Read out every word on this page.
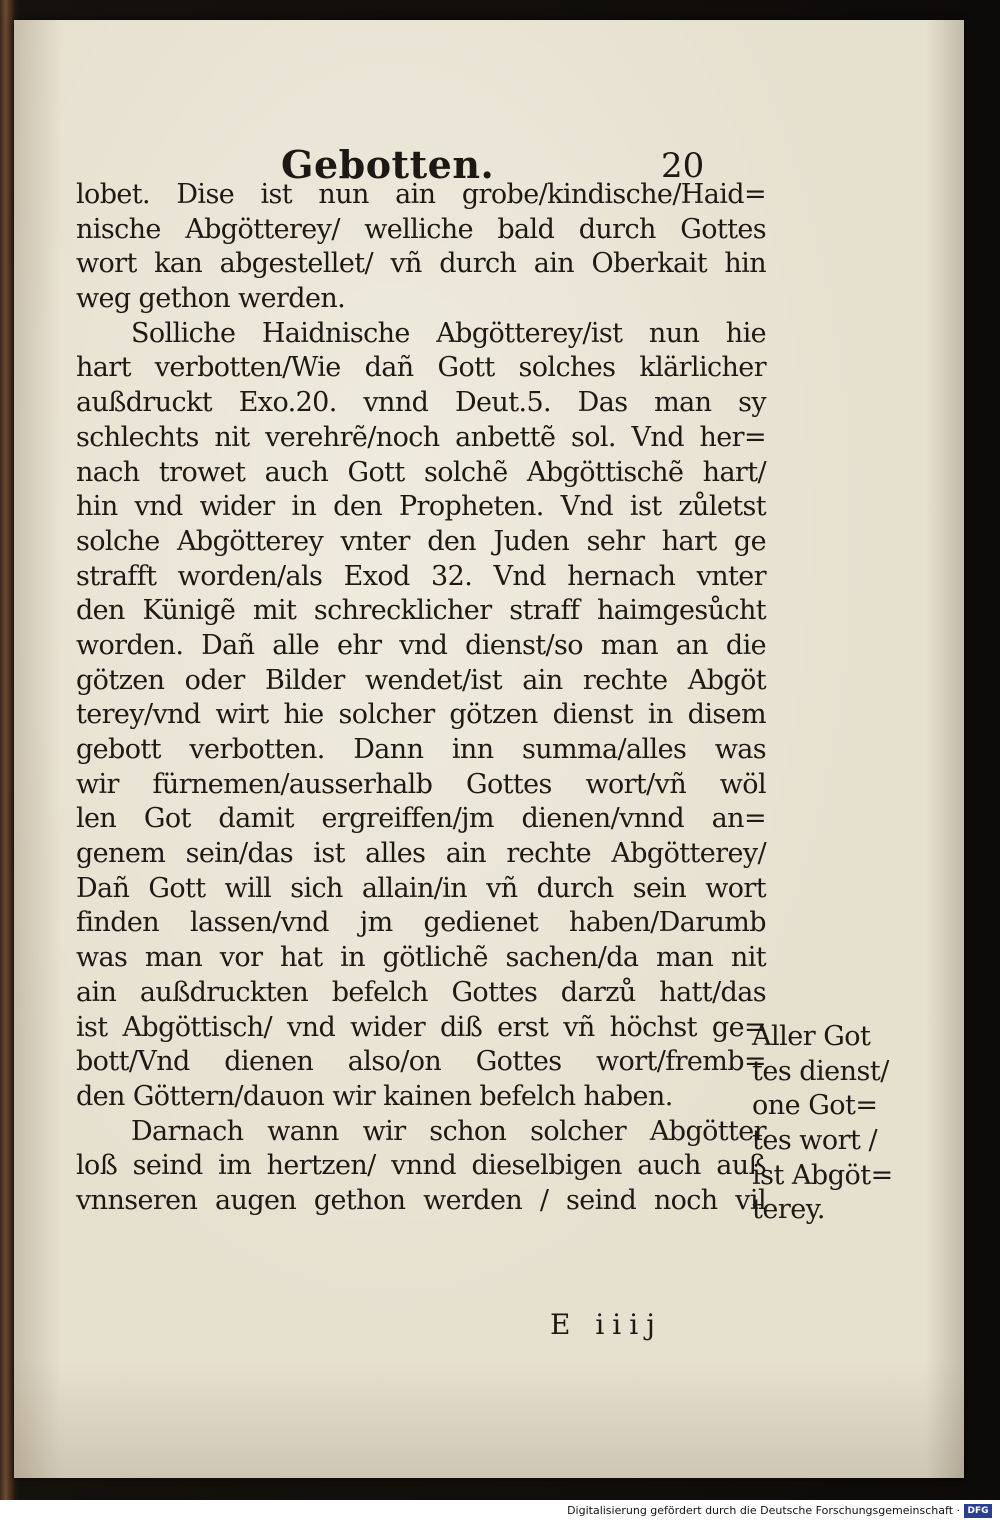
Gebotten.	20
lobet. Dise ist nun ain grobe/kindische/Haid=
nische Abgötterey/ welliche bald durch Gottes
wort kan abgestellet/ vñ durch ain Oberkait hin
weg gethon werden.
Solliche Haidnische Abgötterey/ist nun hie
hart verbotten/Wie dañ Gott solches klärlicher
außdruckt Exo.20. vnnd Deut.5. Das man sy
schlechts nit verehrẽ/noch anbettẽ sol. Vnd her=
nach trowet auch Gott solchẽ Abgöttischẽ hart/
hin vnd wider in den Propheten. Vnd ist zůletst
solche Abgötterey vnter den Juden sehr hart ge
strafft worden/als Exod 32. Vnd hernach vnter
den Künigẽ mit schrecklicher straff haimgesůcht
worden. Dañ alle ehr vnd dienst/so man an die
götzen oder Bilder wendet/ist ain rechte Abgöt
terey/vnd wirt hie solcher götzen dienst in disem
gebott verbotten. Dann inn summa/alles was
wir fürnemen/ausserhalb Gottes wort/vñ wöl
len Got damit ergreiffen/jm dienen/vnnd an=
genem sein/das ist alles ain rechte Abgötterey/
Dañ Gott will sich allain/in vñ durch sein wort
finden lassen/vnd jm gedienet haben/Darumb
was man vor hat in götlichẽ sachen/da man nit
ain außdruckten befelch Gottes darzů hatt/das
ist Abgöttisch/ vnd wider diß erst vñ höchst ge=
bott/Vnd dienen also/on Gottes wort/fremb=
den Göttern/dauon wir kainen befelch haben.
Darnach wann wir schon solcher Abgötter
loß seind im hertzen/ vnnd dieselbigen auch auß
vnnseren augen gethon werden / seind noch vil
Aller Got
tes dienst/
one Got=
tes wort /
ist Abgöt=
terey.
E iiij
Digitalisierung gefördert durch die Deutsche Forschungsgemeinschaft · DFG
